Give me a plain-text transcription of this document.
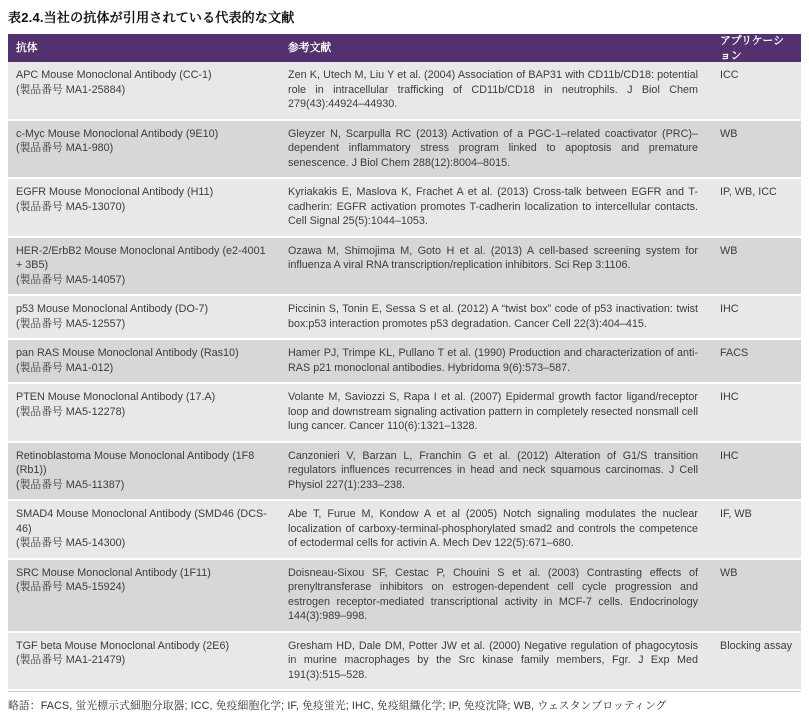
表2.4.当社の抗体が引用されている代表的な文献
抗体	参考文献
アプリケーション
APC Mouse Monoclonal Antibody (CC-1)
(製品番号 MA1-25884)
Zen K, Utech M, Liu Y et al. (2004) Association of BAP31 with CD11b/CD18: potential role in intracellular trafficking of CD11b/CD18 in neutrophils. J Biol Chem 279(43):44924–44930.
ICC
c-Myc Mouse Monoclonal Antibody (9E10)
(製品番号 MA1-980)
Gleyzer N, Scarpulla RC (2013) Activation of a PGC-1–related coactivator (PRC)–dependent inflammatory stress program linked to apoptosis and premature senescence. J Biol Chem 288(12):8004–8015.
WB
EGFR Mouse Monoclonal Antibody (H11)
(製品番号 MA5-13070)
Kyriakakis E, Maslova K, Frachet A et al. (2013) Cross-talk between EGFR and T-cadherin: EGFR activation promotes T-cadherin localization to intercellular contacts. Cell Signal 25(5):1044–1053.
IP, WB, ICC
HER-2/ErbB2 Mouse Monoclonal Antibody (e2-4001 + 3B5)
(製品番号 MA5-14057)
Ozawa M, Shimojima M, Goto H et al. (2013) A cell-based screening system for influenza A viral RNA transcription/replication inhibitors. Sci Rep 3:1106.
WB
p53 Mouse Monoclonal Antibody (DO-7)
(製品番号 MA5-12557)
Piccinin S, Tonin E, Sessa S et al. (2012) A “twist box” code of p53 inactivation: twist box:p53 interaction promotes p53 degradation. Cancer Cell 22(3):404–415.
IHC
pan RAS Mouse Monoclonal Antibody (Ras10)
(製品番号 MA1-012)
Hamer PJ, Trimpe KL, Pullano T et al. (1990) Production and characterization of anti-RAS p21 monoclonal antibodies. Hybridoma 9(6):573–587.
FACS
PTEN Mouse Monoclonal Antibody (17.A)
(製品番号 MA5-12278)
Volante M, Saviozzi S, Rapa I et al. (2007) Epidermal growth factor ligand/receptor loop and downstream signaling activation pattern in completely resected nonsmall cell lung cancer. Cancer 110(6):1321–1328.
IHC
Retinoblastoma Mouse Monoclonal Antibody (1F8 (Rb1))
(製品番号 MA5-11387)
Canzonieri V, Barzan L, Franchin G et al. (2012) Alteration of G1/S transition regulators influences recurrences in head and neck squamous carcinomas. J Cell Physiol 227(1):233–238.
IHC
SMAD4 Mouse Monoclonal Antibody (SMD46 (DCS-46)
(製品番号 MA5-14300)
Abe T, Furue M, Kondow A et al (2005) Notch signaling modulates the nuclear localization of carboxy-terminal-phosphorylated smad2 and controls the competence of ectodermal cells for activin A. Mech Dev 122(5):671–680.
IF, WB
SRC Mouse Monoclonal Antibody (1F11)
(製品番号 MA5-15924)
Doisneau-Sixou SF, Cestac P, Chouini S et al. (2003) Contrasting effects of prenyltransferase inhibitors on estrogen-dependent cell cycle progression and estrogen receptor-mediated transcriptional activity in MCF-7 cells. Endocrinology 144(3):989–998.
WB
TGF beta Mouse Monoclonal Antibody (2E6)
(製品番号 MA1-21479)
Gresham HD, Dale DM, Potter JW et al. (2000) Negative regulation of phagocytosis in murine macrophages by the Src kinase family members, Fgr. J Exp Med 191(3):515–528.
Blocking assay
略語：FACS, 蛍光標示式細胞分取器; ICC, 免疫細胞化学; IF, 免疫蛍光; IHC, 免疫組織化学; IP, 免疫沈降; WB, ウェスタンブロッティング
